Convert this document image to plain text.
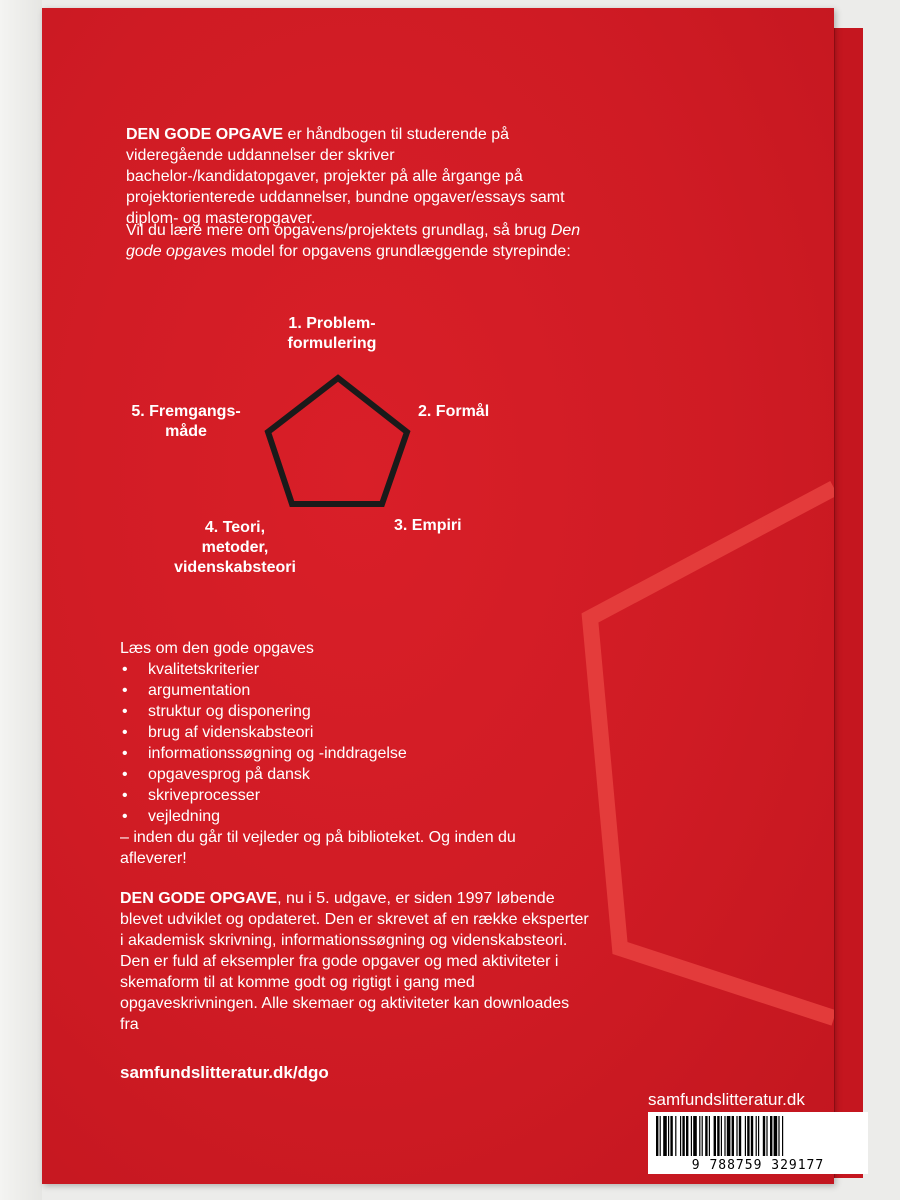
DEN GODE OPGAVE er håndbogen til studerende på videregående uddannelser der skriver bachelor-/kandidatopgaver, projekter på alle årgange på projektorienterede uddannelser, bundne opgaver/essays samt diplom- og masteropgaver.
Vil du lære mere om opgavens/projektets grundlag, så brug Den gode opgaves model for opgavens grundlæggende styrepinde:
1. Problem-
formulering
2. Formål
3. Empiri
4. Teori,
metoder,
videnskabsteori
5. Fremgangs-
måde
Læs om den gode opgaves
• kvalitetskriterier
• argumentation
• struktur og disponering
• brug af videnskabsteori
• informationssøgning og -inddragelse
• opgavesprog på dansk
• skriveprocesser
• vejledning
– inden du går til vejleder og på biblioteket. Og inden du afleverer!
DEN GODE OPGAVE, nu i 5. udgave, er siden 1997 løbende blevet udviklet og opdateret. Den er skrevet af en række eksperter i akademisk skrivning, informationssøgning og videnskabsteori. Den er fuld af eksempler fra gode opgaver og med aktiviteter i skemaform til at komme godt og rigtigt i gang med opgaveskrivningen. Alle skemaer og aktiviteter kan downloades fra
samfundslitteratur.dk/dgo
samfundslitteratur.dk
9 788759 329177
